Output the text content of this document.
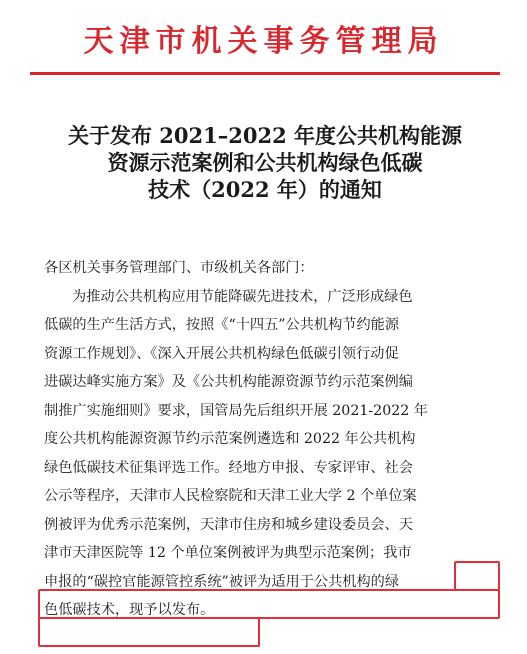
天津市机关事务管理局
关于发布 2021–2022 年度公共机构能源
资源示范案例和公共机构绿色低碳
技术（2022 年）的通知
各区机关事务管理部门、市级机关各部门：
为推动公共机构应用节能降碳先进技术，广泛形成绿色
低碳的生产生活方式，按照《“十四五”公共机构节约能源
资源工作规划》、《深入开展公共机构绿色低碳引领行动促
进碳达峰实施方案》及《公共机构能源资源节约示范案例编
制推广实施细则》要求，国管局先后组织开展 2021-2022 年
度公共机构能源资源节约示范案例遴选和 2022 年公共机构
绿色低碳技术征集评选工作。经地方申报、专家评审、社会
公示等程序，天津市人民检察院和天津工业大学 2 个单位案
例被评为优秀示范案例，天津市住房和城乡建设委员会、天
津市天津医院等 12 个单位案例被评为典型示范案例；我市
申报的“碳控官能源管控系统”被评为适用于公共机构的绿
色低碳技术，现予以发布。
